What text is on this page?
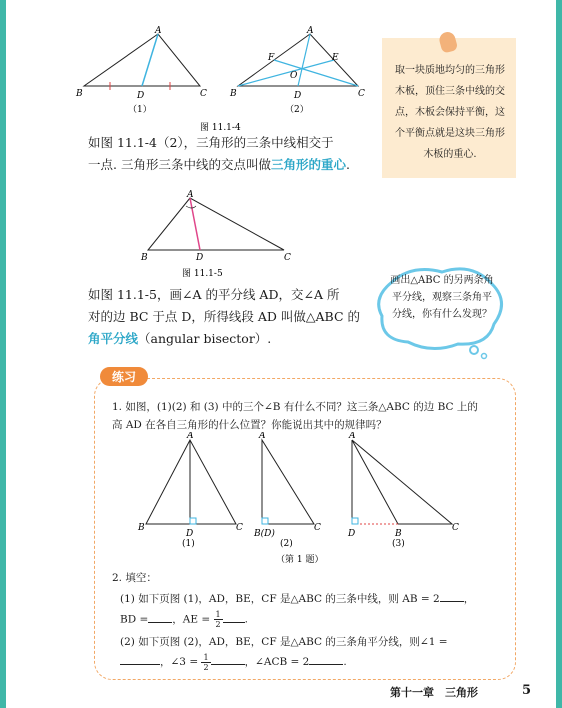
A
B	C
D
A
B	C
D
F	E
O
（1）	（2）
图 11.1-4
如图 11.1-4（2），三角形的三条中线相交于
一点. 三角形三条中线的交点叫做三角形的重心.
取一块质地均匀的三角形木板，顶住三条中线的交点，木板会保持平衡，这个平衡点就是这块三角形木板的重心.
A
B	C
D
图 11.1-5
如图 11.1-5，画∠A 的平分线 AD，交∠A 所
对的边 BC 于点 D，所得线段 AD 叫做△ABC 的
角平分线（angular bisector）.
画出△ABC 的另两条角平分线，观察三条角平分线，你有什么发现？
练习
1. 如图，(1)(2) 和 (3) 中的三个∠B 有什么不同？这三条△ABC 的边 BC 上的
高 AD 在各自三角形的什么位置？你能说出其中的规律吗？
A
B	C
D
A
B(D)
C
A
D	B
C
(1)	(2)	(3)
（第 1 题）
2. 填空：
(1) 如下页图 (1)，AD，BE，CF 是△ABC 的三条中线，则 AB = 2 ，
BD = ，AE = $\frac{1}{2}$ .
(2) 如下页图 (2)，AD，BE，CF 是△ABC 的三条角平分线，则∠1 =
，∠3 = $\frac{1}{2}$	，∠ACB = 2	.
第十一章　三角形	5
